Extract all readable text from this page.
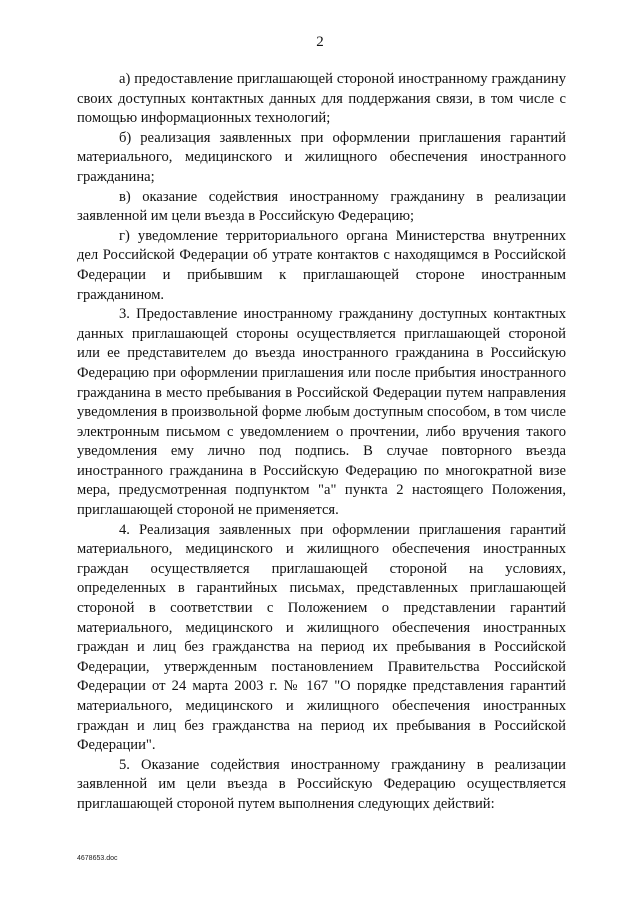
2

а) предоставление приглашающей стороной иностранному гражданину своих доступных контактных данных для поддержания связи, в том числе с помощью информационных технологий;

б) реализация заявленных при оформлении приглашения гарантий материального, медицинского и жилищного обеспечения иностранного гражданина;

в) оказание содействия иностранному гражданину в реализации заявленной им цели въезда в Российскую Федерацию;

г) уведомление территориального органа Министерства внутренних дел Российской Федерации об утрате контактов с находящимся в Российской Федерации и прибывшим к приглашающей стороне иностранным гражданином.

3. Предоставление иностранному гражданину доступных контактных данных приглашающей стороны осуществляется приглашающей стороной или ее представителем до въезда иностранного гражданина в Российскую Федерацию при оформлении приглашения или после прибытия иностранного гражданина в место пребывания в Российской Федерации путем направления уведомления в произвольной форме любым доступным способом, в том числе электронным письмом с уведомлением о прочтении, либо вручения такого уведомления ему лично под подпись. В случае повторного въезда иностранного гражданина в Российскую Федерацию по многократной визе мера, предусмотренная подпунктом "а" пункта 2 настоящего Положения, приглашающей стороной не применяется.

4. Реализация заявленных при оформлении приглашения гарантий материального, медицинского и жилищного обеспечения иностранных граждан осуществляется приглашающей стороной на условиях, определенных в гарантийных письмах, представленных приглашающей стороной в соответствии с Положением о представлении гарантий материального, медицинского и жилищного обеспечения иностранных граждан и лиц без гражданства на период их пребывания в Российской Федерации, утвержденным постановлением Правительства Российской Федерации от 24 марта 2003 г. № 167 "О порядке представления гарантий материального, медицинского и жилищного обеспечения иностранных граждан и лиц без гражданства на период их пребывания в Российской Федерации".

5. Оказание содействия иностранному гражданину в реализации заявленной им цели въезда в Российскую Федерацию осуществляется приглашающей стороной путем выполнения следующих действий:

4678653.doc
